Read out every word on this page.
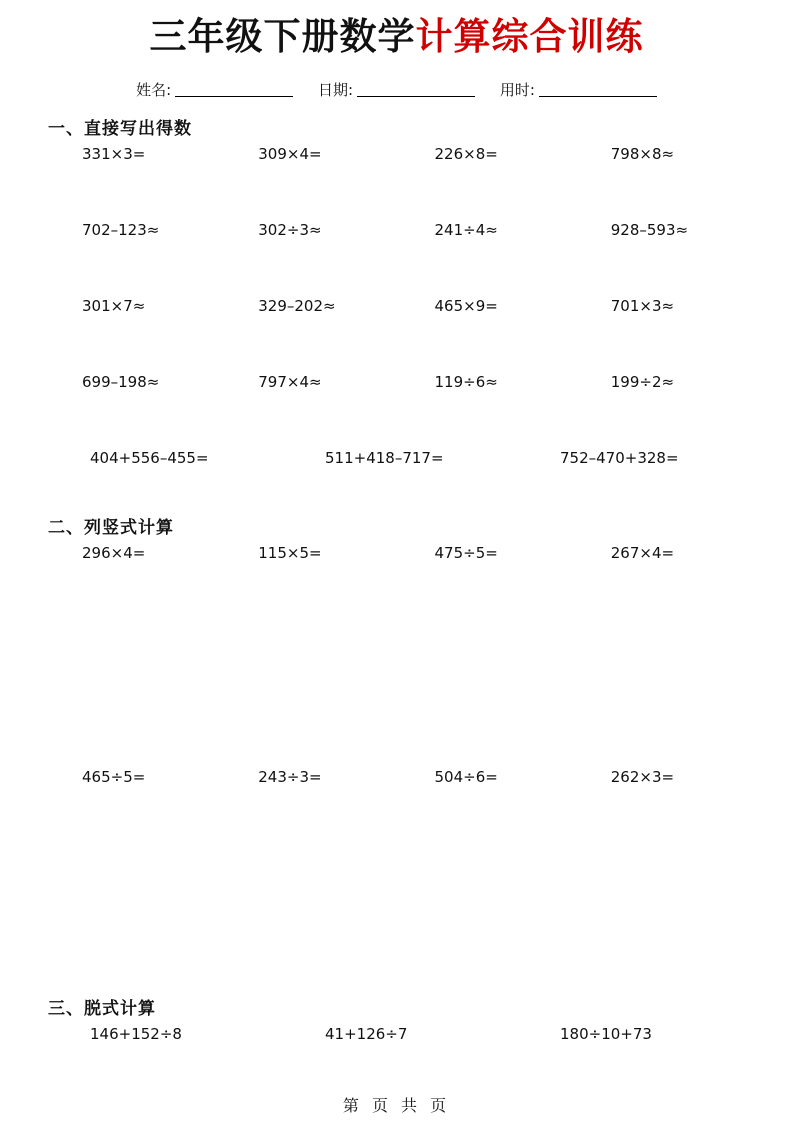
三年级下册数学计算综合训练
姓名:	日期:	用时:
一、直接写出得数
331×3=	309×4=	226×8=	798×8≈
702–123≈	302÷3≈	241÷4≈	928–593≈
301×7≈	329–202≈	465×9=	701×3≈
699–198≈	797×4≈	119÷6≈	199÷2≈
404+556–455=	511+418–717=	752–470+328=
二、列竖式计算
296×4=	115×5=	475÷5=	267×4=
465÷5=	243÷3=	504÷6=	262×3=
三、脱式计算
146+152÷8	41+126÷7	180÷10+73
第 页 共 页
